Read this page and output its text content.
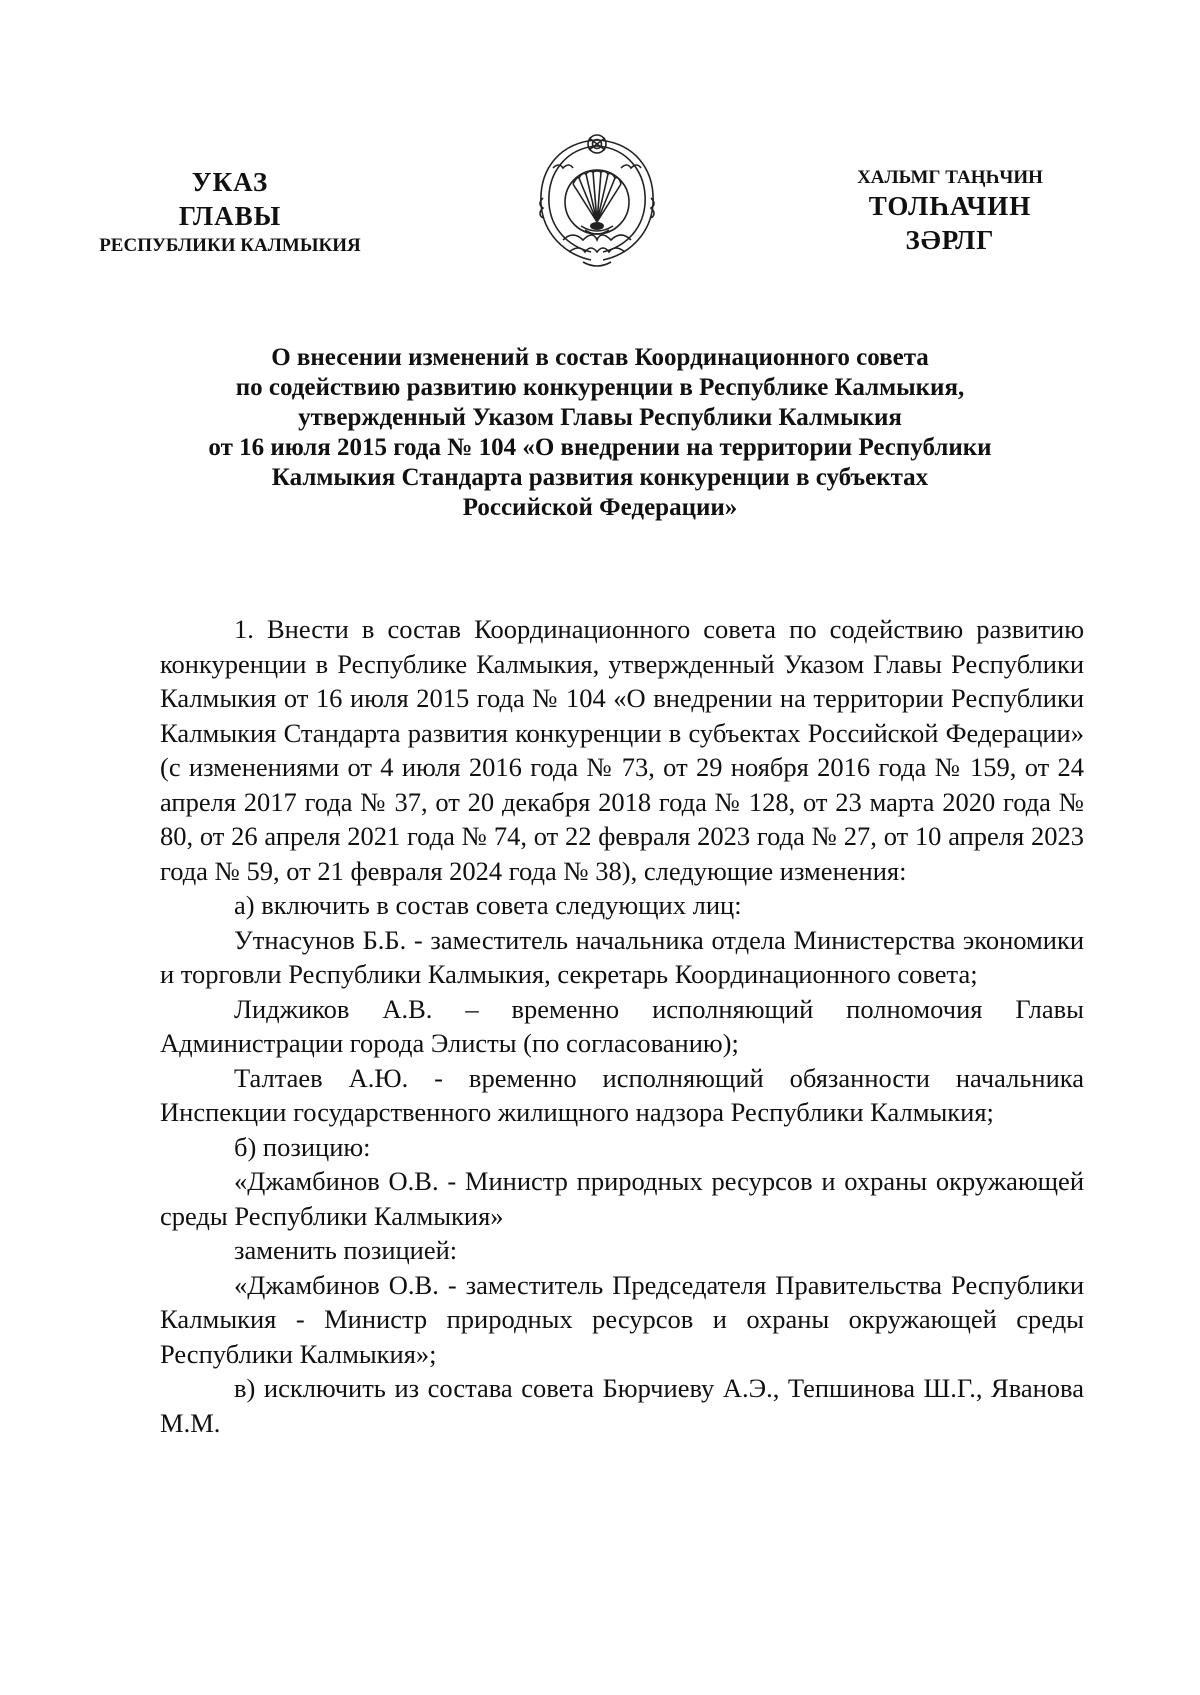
УКАЗ
ГЛАВЫ
РЕСПУБЛИКИ КАЛМЫКИЯ
ХАЛЬМГ ТАҢҺЧИН
ТОЛҺАЧИН
ЗӘРЛГ
О внесении изменений в состав Координационного совета
по содействию развитию конкуренции в Республике Калмыкия,
утвержденный Указом Главы Республики Калмыкия
от 16 июля 2015 года № 104 «О внедрении на территории Республики
Калмыкия Стандарта развития конкуренции в субъектах
Российской Федерации»

1. Внести в состав Координационного совета по содействию развитию конкуренции в Республике Калмыкия, утвержденный Указом Главы Республики Калмыкия от 16 июля 2015 года № 104 «О внедрении на территории Республики Калмыкия Стандарта развития конкуренции в субъектах Российской Федерации» (с изменениями от 4 июля 2016 года № 73, от 29 ноября 2016 года № 159, от 24 апреля 2017 года № 37, от 20 декабря 2018 года № 128, от 23 марта 2020 года № 80, от 26 апреля 2021 года № 74, от 22 февраля 2023 года № 27, от 10 апреля 2023 года № 59, от 21 февраля 2024 года № 38), следующие изменения:

а) включить в состав совета следующих лиц:

Утнасунов Б.Б. - заместитель начальника отдела Министерства экономики и торговли Республики Калмыкия, секретарь Координационного совета;

Лиджиков А.В. – временно исполняющий полномочия Главы Администрации города Элисты (по согласованию);

Талтаев А.Ю. - временно исполняющий обязанности начальника Инспекции государственного жилищного надзора Республики Калмыкия;

б) позицию:

«Джамбинов О.В. - Министр природных ресурсов и охраны окружающей среды Республики Калмыкия»

заменить позицией:

«Джамбинов О.В. - заместитель Председателя Правительства Республики Калмыкия - Министр природных ресурсов и охраны окружающей среды Республики Калмыкия»;

в) исключить из состава совета Бюрчиеву А.Э., Тепшинова Ш.Г., Яванова М.М.
